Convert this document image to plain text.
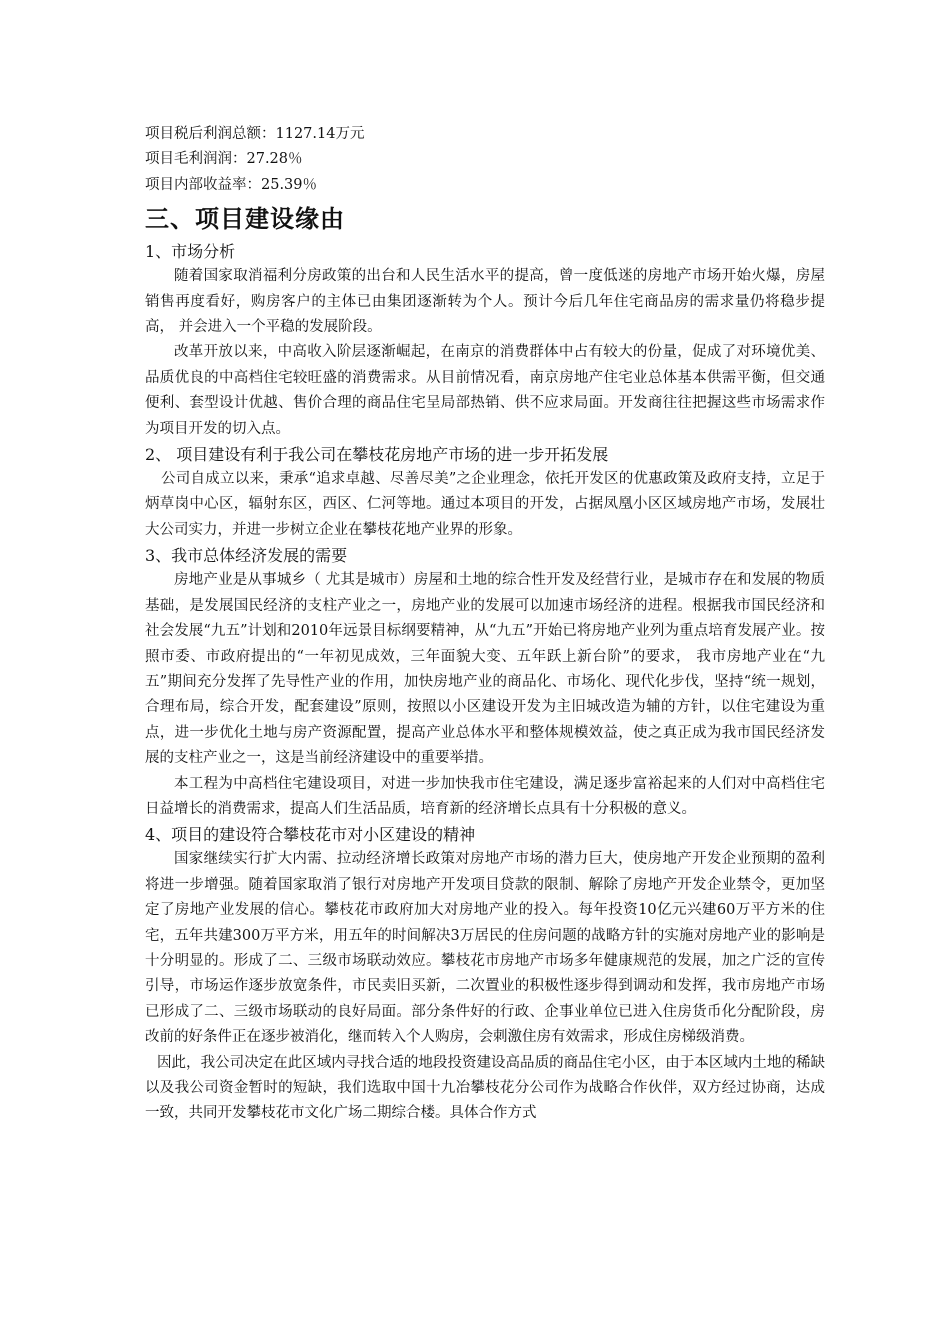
项目税后利润总额：1127.14万元
项目毛利润润：27.28％
项目内部收益率：25.39％
三、项目建设缘由
1、市场分析

随着国家取消福利分房政策的出台和人民生活水平的提高，曾一度低迷的房地产市场开始火爆，房屋销售再度看好，购房客户的主体已由集团逐渐转为个人。预计今后几年住宅商品房的需求量仍将稳步提高， 并会进入一个平稳的发展阶段。

改革开放以来，中高收入阶层逐渐崛起，在南京的消费群体中占有较大的份量，促成了对环境优美、品质优良的中高档住宅较旺盛的消费需求。从目前情况看，南京房地产住宅业总体基本供需平衡，但交通便利、套型设计优越、售价合理的商品住宅呈局部热销、供不应求局面。开发商往往把握这些市场需求作为项目开发的切入点。

2、 项目建设有利于我公司在攀枝花房地产市场的进一步开拓发展

公司自成立以来，秉承“追求卓越、尽善尽美”之企业理念，依托开发区的优惠政策及政府支持，立足于炳草岗中心区，辐射东区，西区、仁河等地。通过本项目的开发，占据凤凰小区区域房地产市场，发展壮大公司实力，并进一步树立企业在攀枝花地产业界的形象。

3、我市总体经济发展的需要

房地产业是从事城乡（ 尤其是城市）房屋和土地的综合性开发及经营行业，是城市存在和发展的物质基础，是发展国民经济的支柱产业之一，房地产业的发展可以加速市场经济的进程。根据我市国民经济和社会发展“九五”计划和2010年远景目标纲要精神，从“九五”开始已将房地产业列为重点培育发展产业。按照市委、市政府提出的“一年初见成效，三年面貌大变、五年跃上新台阶”的要求， 我市房地产业在“九五”期间充分发挥了先导性产业的作用，加快房地产业的商品化、市场化、现代化步伐，坚持“统一规划，合理布局，综合开发，配套建设”原则，按照以小区建设开发为主旧城改造为辅的方针，以住宅建设为重点，进一步优化土地与房产资源配置，提高产业总体水平和整体规模效益，使之真正成为我市国民经济发展的支柱产业之一，这是当前经济建设中的重要举措。

本工程为中高档住宅建设项目，对进一步加快我市住宅建设，满足逐步富裕起来的人们对中高档住宅日益增长的消费需求，提高人们生活品质，培育新的经济增长点具有十分积极的意义。

4、项目的建设符合攀枝花市对小区建设的精神

国家继续实行扩大内需、拉动经济增长政策对房地产市场的潜力巨大，使房地产开发企业预期的盈利将进一步增强。随着国家取消了银行对房地产开发项目贷款的限制、解除了房地产开发企业禁令，更加坚定了房地产业发展的信心。攀枝花市政府加大对房地产业的投入。每年投资10亿元兴建60万平方米的住宅，五年共建300万平方米，用五年的时间解决3万居民的住房问题的战略方针的实施对房地产业的影响是十分明显的。形成了二、三级市场联动效应。攀枝花市房地产市场多年健康规范的发展，加之广泛的宣传引导，市场运作逐步放宽条件，市民卖旧买新，二次置业的积极性逐步得到调动和发挥，我市房地产市场已形成了二、三级市场联动的良好局面。部分条件好的行政、企事业单位已进入住房货币化分配阶段，房改前的好条件正在逐步被消化，继而转入个人购房，会刺激住房有效需求，形成住房梯级消费。

因此，我公司决定在此区域内寻找合适的地段投资建设高品质的商品住宅小区，由于本区域内土地的稀缺以及我公司资金暂时的短缺，我们选取中国十九冶攀枝花分公司作为战略合作伙伴，双方经过协商，达成一致，共同开发攀枝花市文化广场二期综合楼。具体合作方式
